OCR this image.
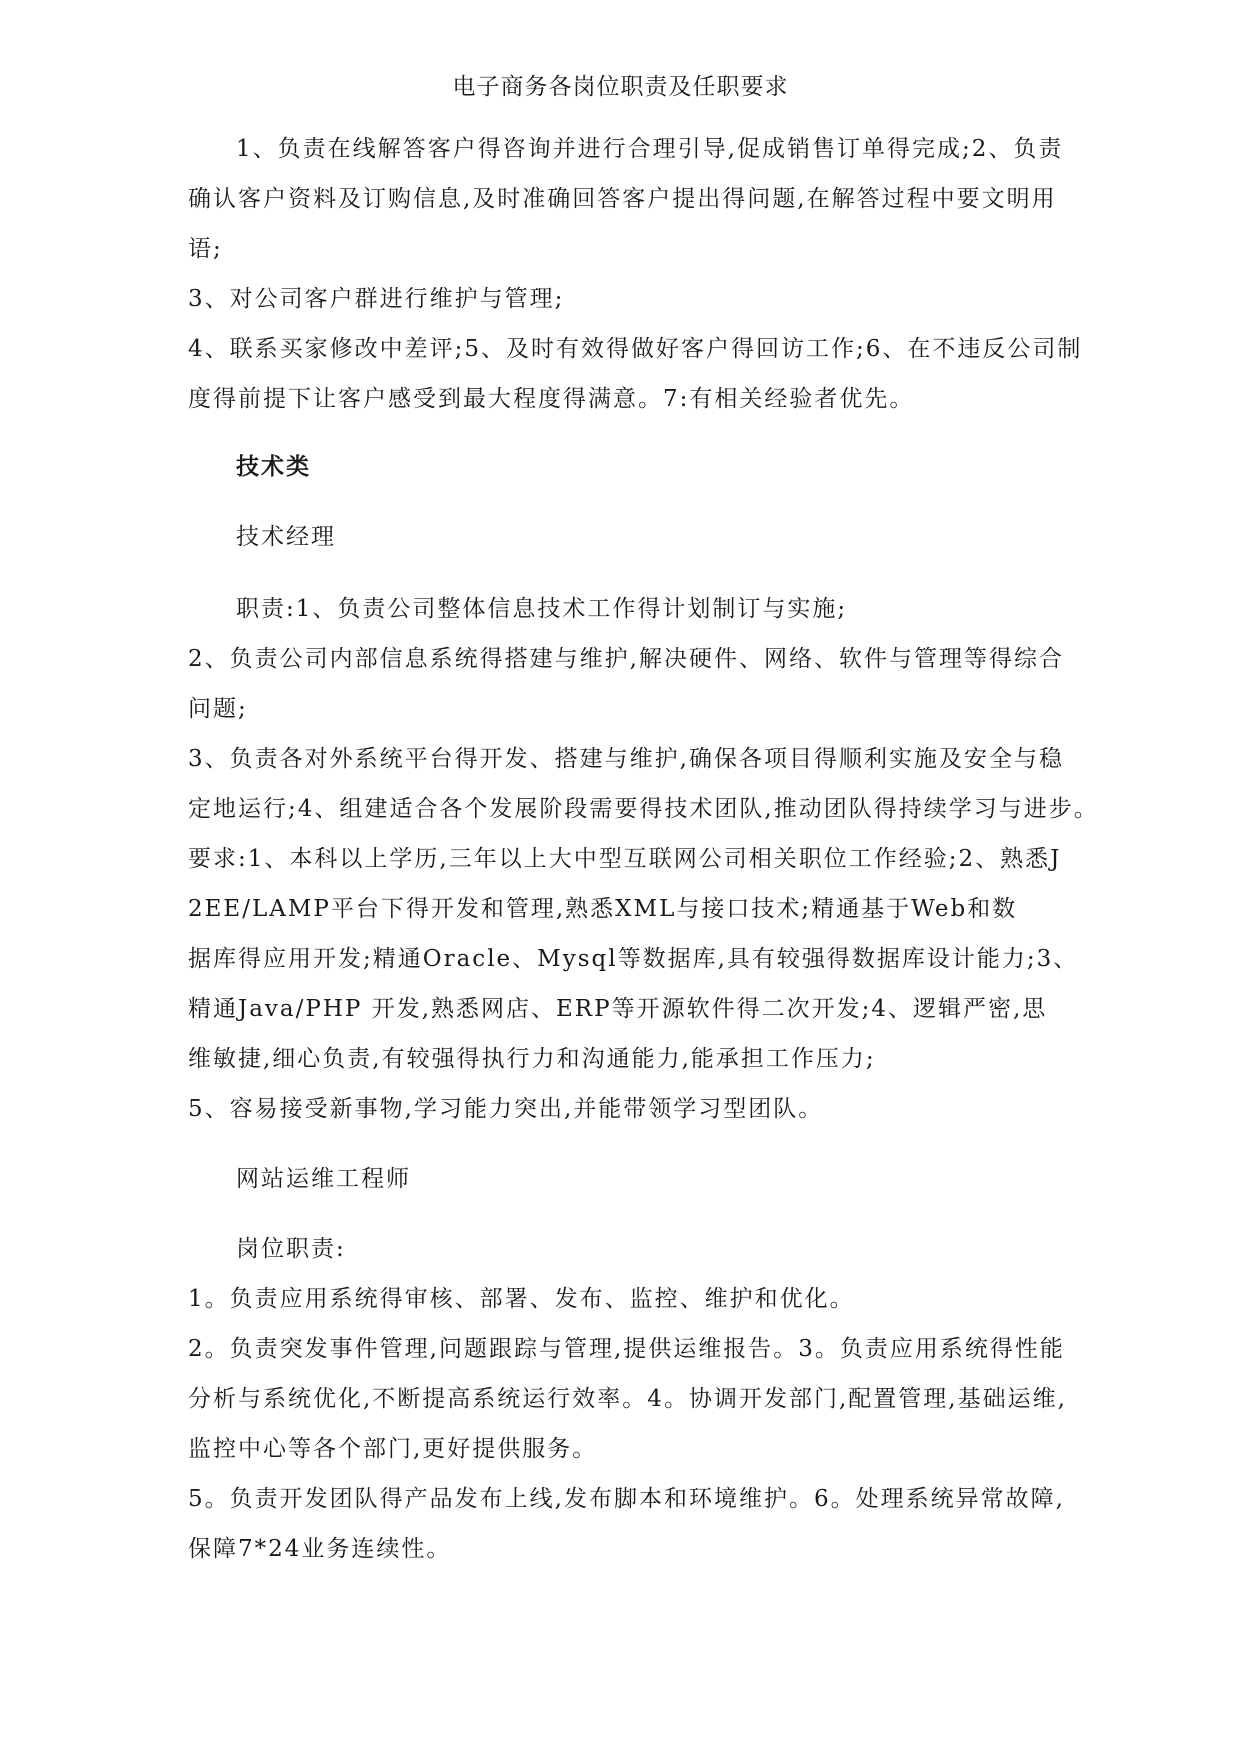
电子商务各岗位职责及任职要求
1、负责在线解答客户得咨询并进行合理引导,促成销售订单得完成;2、负责
确认客户资料及订购信息,及时准确回答客户提出得问题,在解答过程中要文明用
语;
3、对公司客户群进行维护与管理;
4、联系买家修改中差评;5、及时有效得做好客户得回访工作;6、在不违反公司制
度得前提下让客户感受到最大程度得满意。7:有相关经验者优先。
技术类
技术经理
职责:1、负责公司整体信息技术工作得计划制订与实施;
2、负责公司内部信息系统得搭建与维护,解决硬件、网络、软件与管理等得综合
问题;
3、负责各对外系统平台得开发、搭建与维护,确保各项目得顺利实施及安全与稳
定地运行;4、组建适合各个发展阶段需要得技术团队,推动团队得持续学习与进步。
要求:1、本科以上学历,三年以上大中型互联网公司相关职位工作经验;2、熟悉J
2EE/LAMP平台下得开发和管理,熟悉XML与接口技术;精通基于Web和数
据库得应用开发;精通Oracle、Mysql等数据库,具有较强得数据库设计能力;3、
精通Java/PHP 开发,熟悉网店、ERP等开源软件得二次开发;4、逻辑严密,思
维敏捷,细心负责,有较强得执行力和沟通能力,能承担工作压力;
5、容易接受新事物,学习能力突出,并能带领学习型团队。
网站运维工程师
岗位职责:
1。负责应用系统得审核、部署、发布、监控、维护和优化。
2。负责突发事件管理,问题跟踪与管理,提供运维报告。3。负责应用系统得性能
分析与系统优化,不断提高系统运行效率。4。协调开发部门,配置管理,基础运维,
监控中心等各个部门,更好提供服务。
5。负责开发团队得产品发布上线,发布脚本和环境维护。6。处理系统异常故障,
保障7*24业务连续性。
